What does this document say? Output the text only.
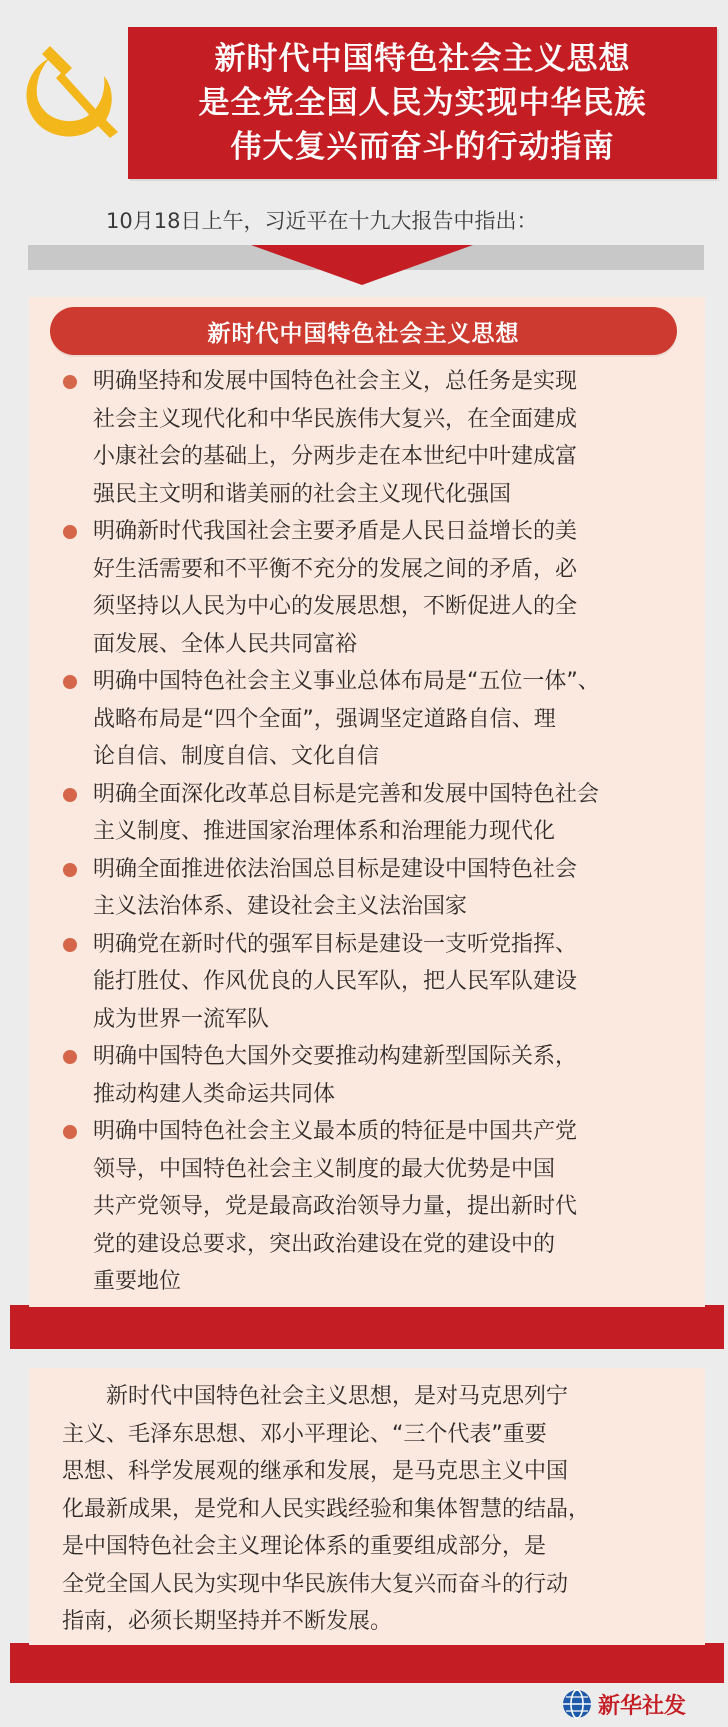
新时代中国特色社会主义思想
是全党全国人民为实现中华民族
伟大复兴而奋斗的行动指南
10月18日上午，习近平在十九大报告中指出：
新时代中国特色社会主义思想
明确坚持和发展中国特色社会主义，总任务是实现
社会主义现代化和中华民族伟大复兴，在全面建成
小康社会的基础上，分两步走在本世纪中叶建成富
强民主文明和谐美丽的社会主义现代化强国
明确新时代我国社会主要矛盾是人民日益增长的美
好生活需要和不平衡不充分的发展之间的矛盾，必
须坚持以人民为中心的发展思想，不断促进人的全
面发展、全体人民共同富裕
明确中国特色社会主义事业总体布局是“五位一体”、
战略布局是“四个全面”，强调坚定道路自信、理
论自信、制度自信、文化自信
明确全面深化改革总目标是完善和发展中国特色社会
主义制度、推进国家治理体系和治理能力现代化
明确全面推进依法治国总目标是建设中国特色社会
主义法治体系、建设社会主义法治国家
明确党在新时代的强军目标是建设一支听党指挥、
能打胜仗、作风优良的人民军队，把人民军队建设
成为世界一流军队
明确中国特色大国外交要推动构建新型国际关系，
推动构建人类命运共同体
明确中国特色社会主义最本质的特征是中国共产党
领导，中国特色社会主义制度的最大优势是中国
共产党领导，党是最高政治领导力量，提出新时代
党的建设总要求，突出政治建设在党的建设中的
重要地位
　　新时代中国特色社会主义思想，是对马克思列宁
主义、毛泽东思想、邓小平理论、“三个代表”重要
思想、科学发展观的继承和发展，是马克思主义中国
化最新成果，是党和人民实践经验和集体智慧的结晶，
是中国特色社会主义理论体系的重要组成部分，是
全党全国人民为实现中华民族伟大复兴而奋斗的行动
指南，必须长期坚持并不断发展。
新华社发
